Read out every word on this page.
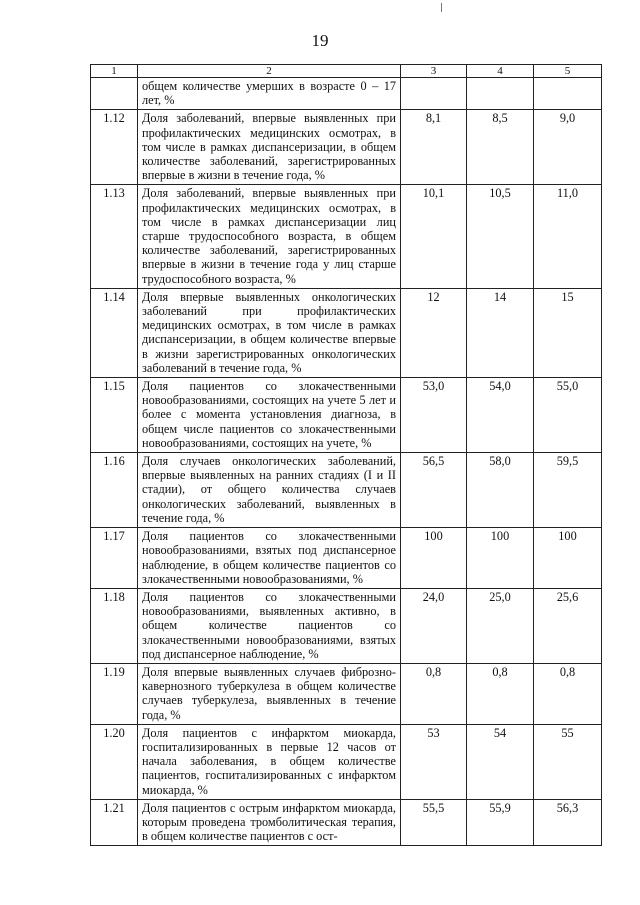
19
1	2	3	4	5
	общем количестве умерших в возрасте 0 – 17 лет, %			
1.12	Доля заболеваний, впервые выявленных при профилактических медицинских осмотрах, в том числе в рамках диспансеризации, в общем количестве заболеваний, зарегистрированных впервые в жизни в течение года, %	8,1	8,5	9,0
1.13	Доля заболеваний, впервые выявленных при профилактических медицинских осмотрах, в том числе в рамках диспансеризации лиц старше трудоспособного возраста, в общем количестве заболеваний, зарегистрированных впервые в жизни в течение года у лиц старше трудоспособного возраста, %	10,1	10,5	11,0
1.14	Доля впервые выявленных онкологических заболеваний при профилактических медицинских осмотрах, в том числе в рамках диспансеризации, в общем количестве впервые в жизни зарегистрированных онкологических заболеваний в течение года, %	12	14	15
1.15	Доля пациентов со злокачественными новообразованиями, состоящих на учете 5 лет и более с момента установления диагноза, в общем числе пациентов со злокачественными новообразованиями, состоящих на учете, %	53,0	54,0	55,0
1.16	Доля случаев онкологических заболеваний, впервые выявленных на ранних стадиях (I и II стадии), от общего количества случаев онкологических заболеваний, выявленных в течение года, %	56,5	58,0	59,5
1.17	Доля пациентов со злокачественными новообразованиями, взятых под диспансерное наблюдение, в общем количестве пациентов со злокачественными новообразованиями, %	100	100	100
1.18	Доля пациентов со злокачественными новообразованиями, выявленных активно, в общем количестве пациентов со злокачественными новообразованиями, взятых под диспансерное наблюдение, %	24,0	25,0	25,6
1.19	Доля впервые выявленных случаев фиброзно-кавернозного туберкулеза в общем количестве случаев туберкулеза, выявленных в течение года, %	0,8	0,8	0,8
1.20	Доля пациентов с инфарктом миокарда, госпитализированных в первые 12 часов от начала заболевания, в общем количестве пациентов, госпитализированных с инфарктом миокарда, %	53	54	55
1.21	Доля пациентов с острым инфарктом миокарда, которым проведена тромболитическая терапия, в общем количестве пациентов с ост-	55,5	55,9	56,3
